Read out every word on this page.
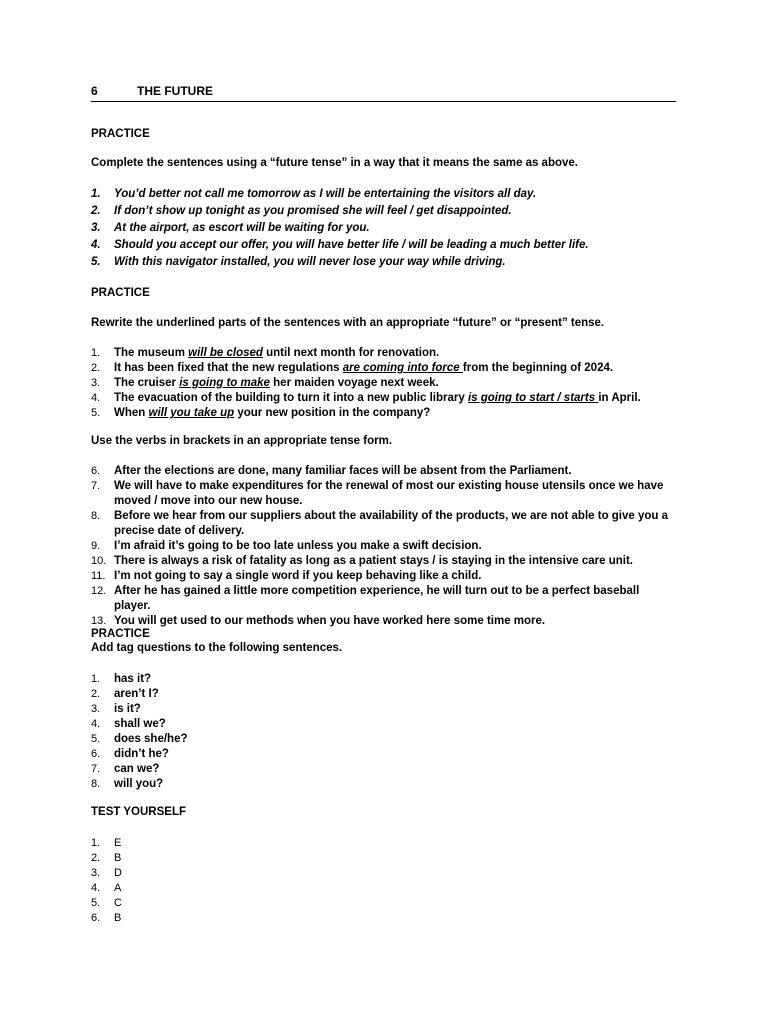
6	THE FUTURE
PRACTICE
Complete the sentences using a “future tense” in a way that it means the same as above.
1.	You’d better not call me tomorrow as I will be entertaining the visitors all day.
2.	If don’t show up tonight as you promised she will feel / get disappointed.
3.	At the airport, as escort will be waiting for you.
4.	Should you accept our offer, you will have better life / will be leading a much better life.
5.	With this navigator installed, you will never lose your way while driving.
PRACTICE
Rewrite the underlined parts of the sentences with an appropriate “future” or “present” tense.
1.	The museum will be closed until next month for renovation.
2.	It has been fixed that the new regulations are coming into force from the beginning of 2024.
3.	The cruiser is going to make her maiden voyage next week.
4.	The evacuation of the building to turn it into a new public library is going to start / starts in April.
5.	When will you take up your new position in the company?
Use the verbs in brackets in an appropriate tense form.
6.	After the elections are done, many familiar faces will be absent from the Parliament.
7.	We will have to make expenditures for the renewal of most our existing house utensils once we have moved / move into our new house.
8.	Before we hear from our suppliers about the availability of the products, we are not able to give you a precise date of delivery.
9.	I’m afraid it’s going to be too late unless you make a swift decision.
10. There is always a risk of fatality as long as a patient stays / is staying in the intensive care unit.
11. I’m not going to say a single word if you keep behaving like a child.
12. After he has gained a little more competition experience, he will turn out to be a perfect baseball player.
13. You will get used to our methods when you have worked here some time more.
PRACTICE
Add tag questions to the following sentences.
1.	has it?
2.	aren’t I?
3.	is it?
4.	shall we?
5.	does she/he?
6.	didn’t he?
7.	can we?
8.	will you?
TEST YOURSELF
1.	E
2.	B
3.	D
4.	A
5.	C
6.	B
